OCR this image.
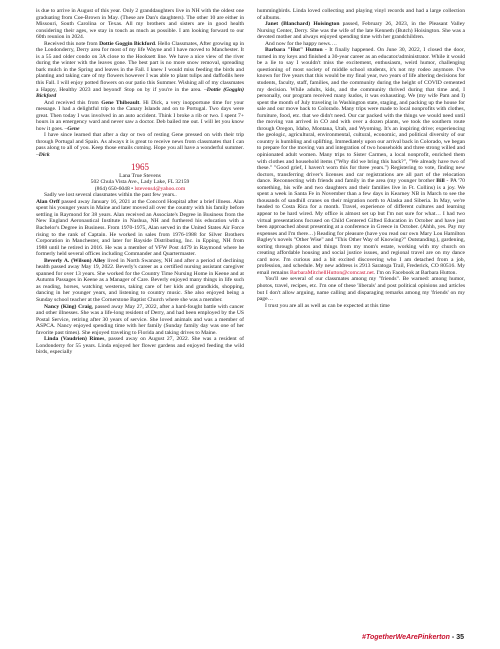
is due to arrive in August of this year. Only 2 granddaughters live in NH with the oldest one graduating from Coe-Brown in May. (These are Dan's daughters). The other 10 are either in Missouri, South Carolina or Texas. All my brothers and sisters are in good health considering their ages, we stay in touch as much as possible. I am looking forward to our 60th reunion in 2024.

Received this note from Dottie Goggin Bickford. Hello Classmates, After growing up in the Londonderry, Derry area for most of my life Wayne and I have moved to Manchester. It is a 55 and older condo on 3A close to the Hooksett line. We have a nice view of the river during the winter with the leaves gone. The best part is no more snow removal, spreading bark mulch in the Spring and leaves in the Fall. I knew I would miss feeding the birds and planting and taking care of my flowers however I was able to plant tulips and daffodils here this Fall. I will enjoy potted flowers on our patio this Summer. Wishing all of my classmates a Happy, Healthy 2023 and beyond! Stop on by if you're in the area. –Dottie (Goggin) Bickford

And received this from Gene Thibeault. Hi Dick, a very inopportune time for your message. I had a delightful trip to the Canary Islands and on to Portugal. Two days were great. Then today I was involved in an auto accident. Think I broke a rib or two. I spent 7+ hours in an emergency ward and never saw a doctor. Deb bailed me out. I will let you know how it goes. –Gene

I have since learned that after a day or two of resting Gene pressed on with their trip through Portugal and Spain. As always it is great to receive news from classmates that I can pass along to all of you. Keep those emails coming. Hope you all have a wonderful summer. –Dick

1965

Lana True Stevens

502 Chula Vista Ave., Lady Lake, FL 32159

(864) 650-6048 • lstevens4@yahoo.com

Sadly we lost several classmates within the past few years..

Alan Orff passed away January 16, 2021 at the Concord Hospital after a brief illness. Alan spent his younger years in Maine and later moved all over the country with his family before settling in Raymond for 38 years. Alan received an Associate's Degree in Business from the New England Aeronautical Institute in Nashua, NH and furthered his education with a Bachelor's Degree in Business. From 1970-1975, Alan served in the United States Air Force rising to the rank of Captain. He worked in sales from 1976-1988 for Silver Brothers Corporation in Manchester, and later for Bayside Distributing, Inc. in Epping, NH from 1988 until he retired in 2016. He was a member of VFW Post 4479 in Raymond where he formerly held several offices including Commander and Quartermaster.

Beverly A. (Wilson) Alley lived in North Swanzey, NH and after a period of declining health passed away May 19, 2022. Beverly's career as a certified nursing assistant caregiver spanned for over 13 years. She worked for the Country Time Nursing Home in Keene and at Autumn Passages in Keene as a Manager of Care. Beverly enjoyed many things in life such as reading, horses, watching westerns, taking care of her kids and grandkids, shopping, dancing in her younger years, and listening to country music. She also enjoyed being a Sunday school teacher at the Cornerstone Baptist Church where she was a member.

Nancy (King) Craig, passed away May 27, 2022, after a hard-fought battle with cancer and other illnesses. She was a life-long resident of Derry, and had been employed by the US Postal Service, retiring after 30 years of service. She loved animals and was a member of ASPCA. Nancy enjoyed spending time with her family (Sunday family day was one of her favorite past times). She enjoyed traveling to Florida and taking drives to Maine.

Linda (Vaudrien) Rimes, passed away on August 27, 2022. She was a resident of Londonderry for 55 years. Linda enjoyed her flower gardens and enjoyed feeding the wild birds, especially

hummingbirds. Linda loved collecting and playing vinyl records and had a large collection of albums.

Janet (Blanchard) Hoisington passed, February 26, 2023, in the Pleasant Valley Nursing Center, Derry. She was the wife of the late Kenneth (Butch) Hoisington. She was a devoted mother and always enjoyed spending time with her grandchildren.

And now for the happy news….

Barbara "Hut" Hutton - It finally happened. On June 30, 2022, I closed the door, turned in my keys and finished a 30-year career as an educator/administrator. While it would be a lie to say I wouldn't miss the excitement, enthusiasm, weird humor, challenging questioning of most society of middle school students, it's not my rodeo anymore. I've known for five years that this would be my final year, two years of life altering decisions for students, faculty, staff, families, and the community during the height of COVID cemented my decision. While adults, kids, and the community thrived during that time and, I personally, our program received many kudos, it was exhausting. We (my wife Pam and I) spent the month of July traveling in Washington state, staging, and packing up the house for sale and our move back to Colorado. Many trips were made to local nonprofits with clothes, furniture, food, etc. that we didn't need. Our car packed with the things we would need until the moving van arrived in CO and with over a dozen plants, we took the southern route through Oregon, Idaho, Montana, Utah, and Wyoming. It's an inspiring drive; experiencing the geologic, agricultural, environmental, cultural, economic, and political diversity of our country is humbling and uplifting. Immediately upon our arrival back in Colorado, we began to prepare for the moving van and integration of two households and three strong willed and opinionated adult women. Many trips to Sister Carmen, a local nonprofit, enriched them with clothes and household items ("Why did we bring this back?", "We already have two of these." "Good grief, I haven't worn this for three years.") Registering to vote, finding new doctors, transferring driver's licenses and car registrations are all part of the relocation dance. Reconnecting with friends and family in the area (my younger brother Bill - PA '70 something, his wife and two daughters and their families live in Ft. Collins) is a joy. We spent a week in Santa Fe in November than a few days in Kearney NB in March to see the thousands of sandhill cranes on their migration north to Alaska and Siberia. In May, we're headed to Costa Rica for a month. Travel, experience of different cultures and learning appear to be hard wired. My office is almost set up but I'm not sure for what… I had two virtual presentations focused on Child Centered Gifted Education in October and have just been approached about presenting at a conference in Greece in October. (Ahhh, yes. Pay my expenses and I'm there…) Reading for pleasure (have you read our own Mary Lou Hamilton Bagley's novels "Other Wise" and "This Other Way of Knowing?" Outstanding.), gardening, sorting through photos and things from my mom's estate, working with my church on creating affordable housing and social justice issues, and regional travel are on my dance card now. I'm curious and a bit excited discovering who I am detached from a job, profession, and schedule. My new address is 2913 Saratoga Trail, Frederick, CO 80516. My email remains BarbaraMitchellHutton@comcast.net. I'm on Facebook at Barbara Hutton.

You'll see several of our classmates among my "friends". Be warned: among humor, photos, travel, recipes, etc. I'm one of these 'liberals' and post political opinions and articles but I don't allow arguing, name calling and disparaging remarks among my 'friends' on my page…

I trust you are all as well as can be expected at this time

#TogetherWeArePinkerton - 35
